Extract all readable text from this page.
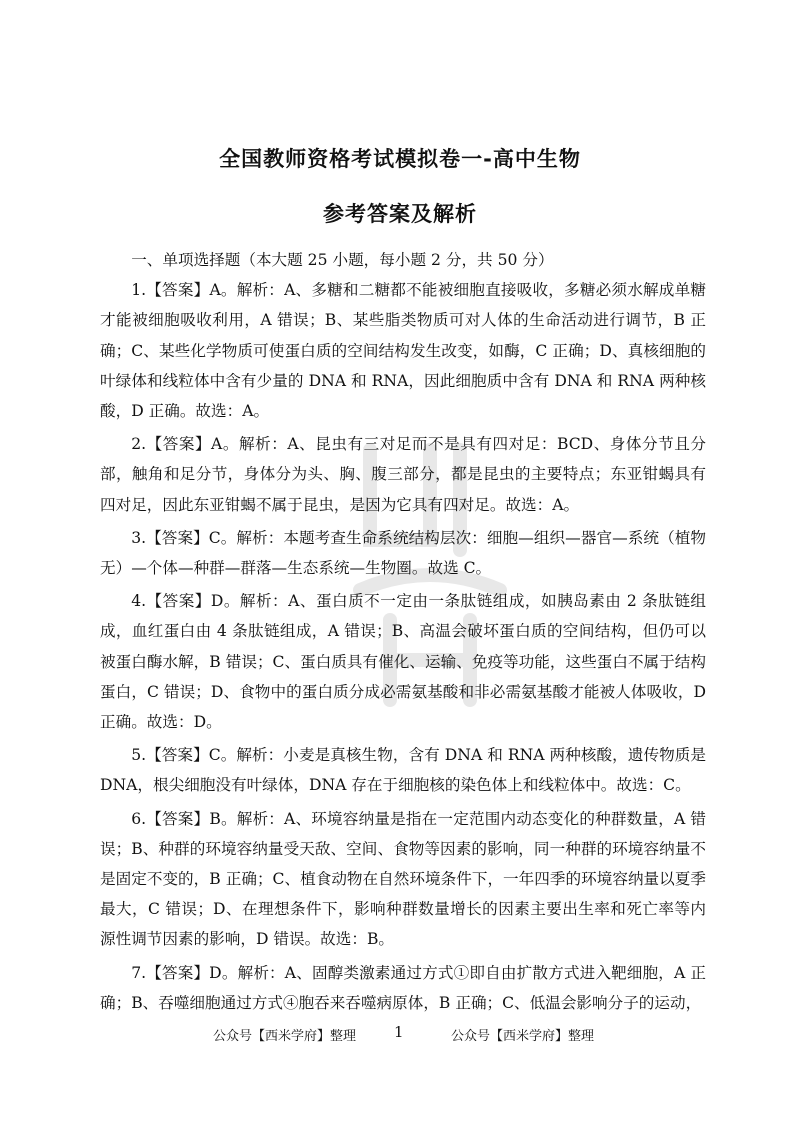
全国教师资格考试模拟卷一-高中生物
参考答案及解析

一、单项选择题（本大题 25 小题，每小题 2 分，共 50 分）

1.【答案】A。解析：A、多糖和二糖都不能被细胞直接吸收，多糖必须水解成单糖才能被细胞吸收利用，A 错误；B、某些脂类物质可对人体的生命活动进行调节，B 正确；C、某些化学物质可使蛋白质的空间结构发生改变，如酶，C 正确；D、真核细胞的叶绿体和线粒体中含有少量的 DNA 和 RNA，因此细胞质中含有 DNA 和 RNA 两种核酸，D 正确。故选：A。

2.【答案】A。解析：A、昆虫有三对足而不是具有四对足：BCD、身体分节且分部，触角和足分节，身体分为头、胸、腹三部分，都是昆虫的主要特点；东亚钳蝎具有四对足，因此东亚钳蝎不属于昆虫，是因为它具有四对足。故选：A。

3.【答案】C。解析：本题考查生命系统结构层次：细胞—组织—器官—系统（植物无）—个体—种群—群落—生态系统—生物圈。故选 C。

4.【答案】D。解析：A、蛋白质不一定由一条肽链组成，如胰岛素由 2 条肽链组成，血红蛋白由 4 条肽链组成，A 错误；B、高温会破坏蛋白质的空间结构，但仍可以被蛋白酶水解，B 错误；C、蛋白质具有催化、运输、免疫等功能，这些蛋白不属于结构蛋白，C 错误；D、食物中的蛋白质分成必需氨基酸和非必需氨基酸才能被人体吸收，D 正确。故选：D。

5.【答案】C。解析：小麦是真核生物，含有 DNA 和 RNA 两种核酸，遗传物质是 DNA，根尖细胞没有叶绿体，DNA 存在于细胞核的染色体上和线粒体中。故选：C。

6.【答案】B。解析：A、环境容纳量是指在一定范围内动态变化的种群数量，A 错误；B、种群的环境容纳量受天敌、空间、食物等因素的影响，同一种群的环境容纳量不是固定不变的，B 正确；C、植食动物在自然环境条件下，一年四季的环境容纳量以夏季最大，C 错误；D、在理想条件下，影响种群数量增长的因素主要出生率和死亡率等内源性调节因素的影响，D 错误。故选：B。

7.【答案】D。解析：A、固醇类激素通过方式①即自由扩散方式进入靶细胞，A 正确；B、吞噬细胞通过方式④胞吞来吞噬病原体，B 正确；C、低温会影响分子的运动，

公众号【西米学府】整理	1	公众号【西米学府】整理
